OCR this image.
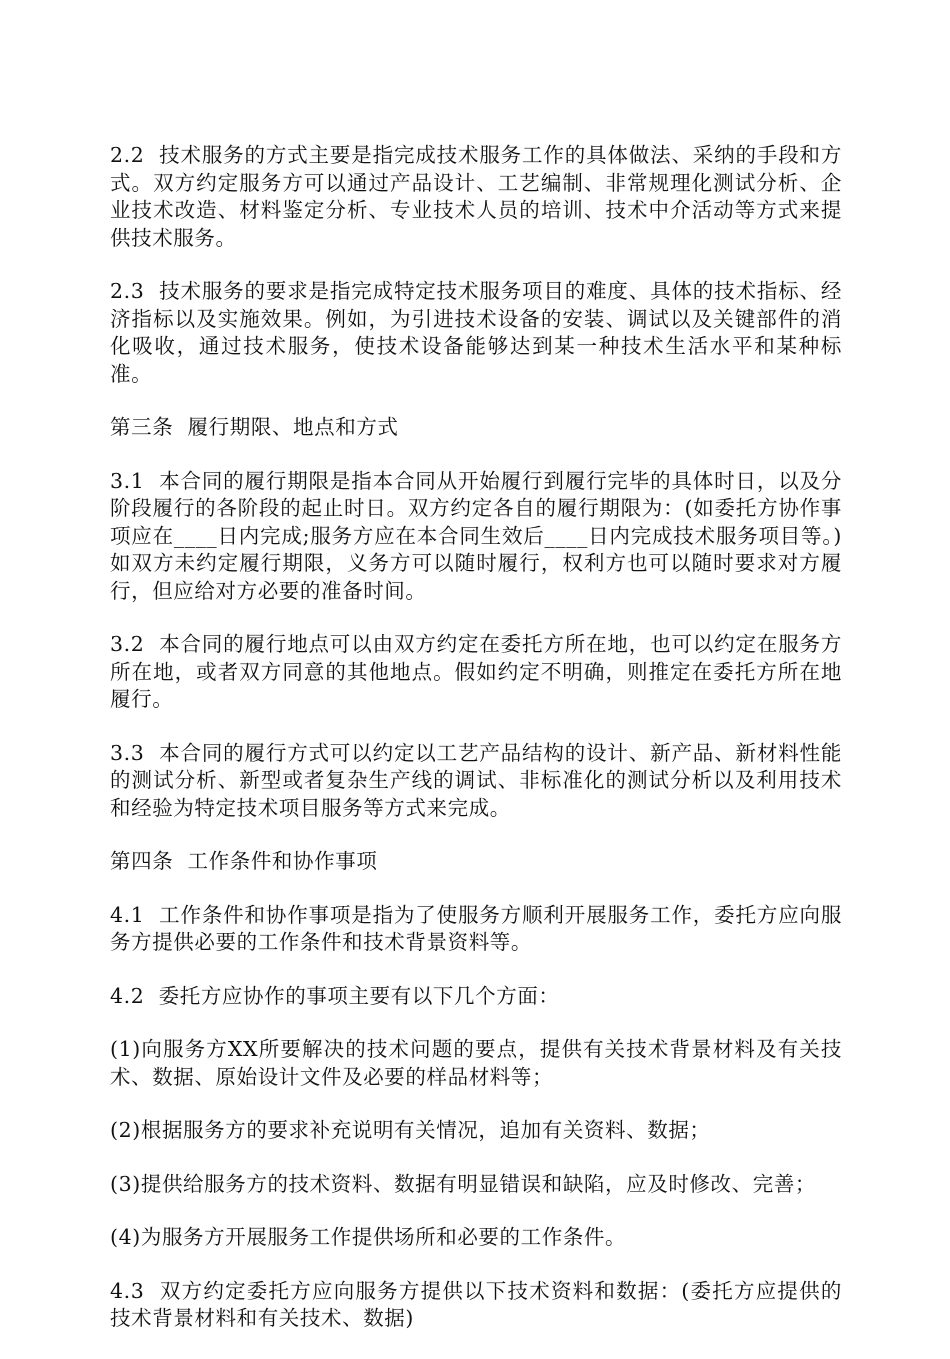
2.2  技术服务的方式主要是指完成技术服务工作的具体做法、采纳的手段和方式。双方约定服务方可以通过产品设计、工艺编制、非常规理化测试分析、企业技术改造、材料鉴定分析、专业技术人员的培训、技术中介活动等方式来提供技术服务。

2.3  技术服务的要求是指完成特定技术服务项目的难度、具体的技术指标、经济指标以及实施效果。例如，为引进技术设备的安装、调试以及关键部件的消化吸收，通过技术服务，使技术设备能够达到某一种技术生活水平和某种标准。

第三条  履行期限、地点和方式

3.1  本合同的履行期限是指本合同从开始履行到履行完毕的具体时日，以及分阶段履行的各阶段的起止时日。双方约定各自的履行期限为：(如委托方协作事项应在____日内完成;服务方应在本合同生效后____日内完成技术服务项目等。)如双方未约定履行期限，义务方可以随时履行，权利方也可以随时要求对方履行，但应给对方必要的准备时间。

3.2  本合同的履行地点可以由双方约定在委托方所在地，也可以约定在服务方所在地，或者双方同意的其他地点。假如约定不明确，则推定在委托方所在地履行。

3.3  本合同的履行方式可以约定以工艺产品结构的设计、新产品、新材料性能的测试分析、新型或者复杂生产线的调试、非标准化的测试分析以及利用技术和经验为特定技术项目服务等方式来完成。

第四条  工作条件和协作事项

4.1  工作条件和协作事项是指为了使服务方顺利开展服务工作，委托方应向服务方提供必要的工作条件和技术背景资料等。

4.2  委托方应协作的事项主要有以下几个方面：

(1)向服务方XX所要解决的技术问题的要点，提供有关技术背景材料及有关技术、数据、原始设计文件及必要的样品材料等；

(2)根据服务方的要求补充说明有关情况，追加有关资料、数据；

(3)提供给服务方的技术资料、数据有明显错误和缺陷，应及时修改、完善；

(4)为服务方开展服务工作提供场所和必要的工作条件。

4.3  双方约定委托方应向服务方提供以下技术资料和数据：(委托方应提供的技术背景材料和有关技术、数据)
